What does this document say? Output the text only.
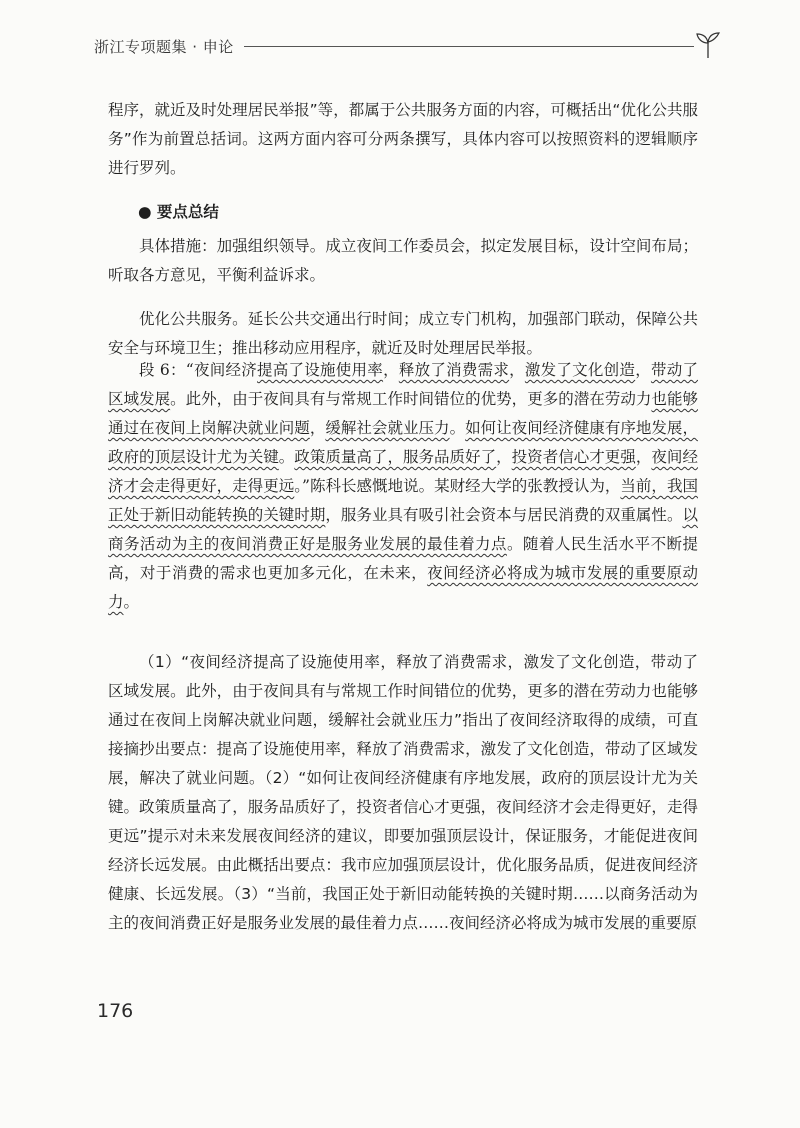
浙江专项题集 · 申论

程序，就近及时处理居民举报”等，都属于公共服务方面的内容，可概括出“优化公共服务”作为前置总括词。这两方面内容可分两条撰写，具体内容可以按照资料的逻辑顺序进行罗列。

● 要点总结

具体措施：加强组织领导。成立夜间工作委员会，拟定发展目标，设计空间布局；听取各方意见，平衡利益诉求。

优化公共服务。延长公共交通出行时间；成立专门机构，加强部门联动，保障公共安全与环境卫生；推出移动应用程序，就近及时处理居民举报。

段 6：“夜间经济提高了设施使用率，释放了消费需求，激发了文化创造，带动了区域发展。此外，由于夜间具有与常规工作时间错位的优势，更多的潜在劳动力也能够通过在夜间上岗解决就业问题，缓解社会就业压力。如何让夜间经济健康有序地发展，政府的顶层设计尤为关键。政策质量高了，服务品质好了，投资者信心才更强，夜间经济才会走得更好，走得更远。”陈科长感慨地说。某财经大学的张教授认为，当前，我国正处于新旧动能转换的关键时期，服务业具有吸引社会资本与居民消费的双重属性。以商务活动为主的夜间消费正好是服务业发展的最佳着力点。随着人民生活水平不断提高，对于消费的需求也更加多元化，在未来，夜间经济必将成为城市发展的重要原动力。

（1）“夜间经济提高了设施使用率，释放了消费需求，激发了文化创造，带动了区域发展。此外，由于夜间具有与常规工作时间错位的优势，更多的潜在劳动力也能够通过在夜间上岗解决就业问题，缓解社会就业压力”指出了夜间经济取得的成绩，可直接摘抄出要点：提高了设施使用率，释放了消费需求，激发了文化创造，带动了区域发展，解决了就业问题。（2）“如何让夜间经济健康有序地发展，政府的顶层设计尤为关键。政策质量高了，服务品质好了，投资者信心才更强，夜间经济才会走得更好，走得更远”提示对未来发展夜间经济的建议，即要加强顶层设计，保证服务，才能促进夜间经济长远发展。由此概括出要点：我市应加强顶层设计，优化服务品质，促进夜间经济健康、长远发展。（3）“当前，我国正处于新旧动能转换的关键时期……以商务活动为主的夜间消费正好是服务业发展的最佳着力点……夜间经济必将成为城市发展的重要原

176
